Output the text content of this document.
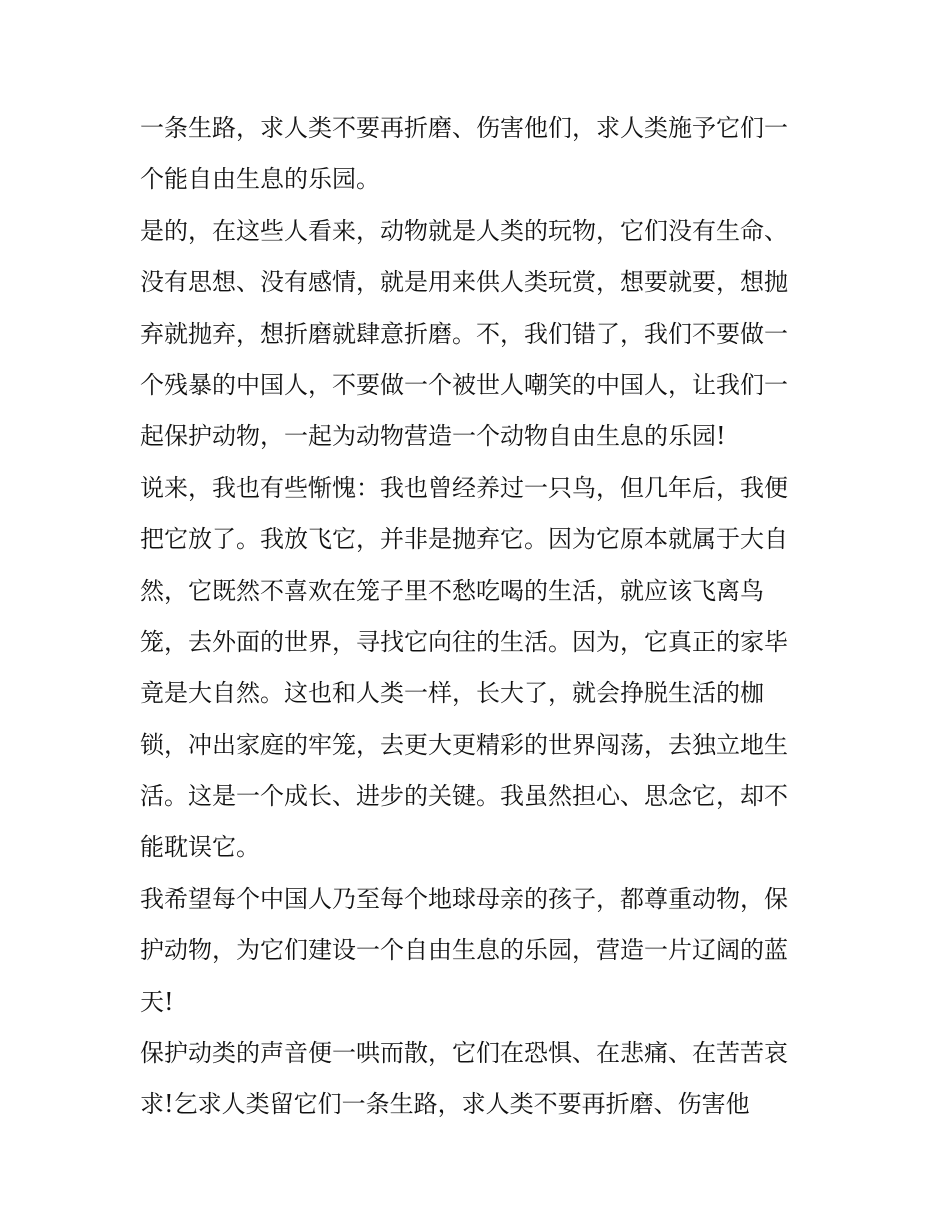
一条生路，求人类不要再折磨、伤害他们，求人类施予它们一
个能自由生息的乐园。
是的，在这些人看来，动物就是人类的玩物，它们没有生命、
没有思想、没有感情，就是用来供人类玩赏，想要就要，想抛
弃就抛弃，想折磨就肆意折磨。不，我们错了，我们不要做一
个残暴的中国人，不要做一个被世人嘲笑的中国人，让我们一
起保护动物，一起为动物营造一个动物自由生息的乐园!
说来，我也有些惭愧：我也曾经养过一只鸟，但几年后，我便
把它放了。我放飞它，并非是抛弃它。因为它原本就属于大自
然，它既然不喜欢在笼子里不愁吃喝的生活，就应该飞离鸟
笼，去外面的世界，寻找它向往的生活。因为，它真正的家毕
竟是大自然。这也和人类一样，长大了，就会挣脱生活的枷
锁，冲出家庭的牢笼，去更大更精彩的世界闯荡，去独立地生
活。这是一个成长、进步的关键。我虽然担心、思念它，却不
能耽误它。
我希望每个中国人乃至每个地球母亲的孩子，都尊重动物，保
护动物，为它们建设一个自由生息的乐园，营造一片辽阔的蓝
天!
保护动类的声音便一哄而散，它们在恐惧、在悲痛、在苦苦哀
求!乞求人类留它们一条生路，求人类不要再折磨、伤害他
